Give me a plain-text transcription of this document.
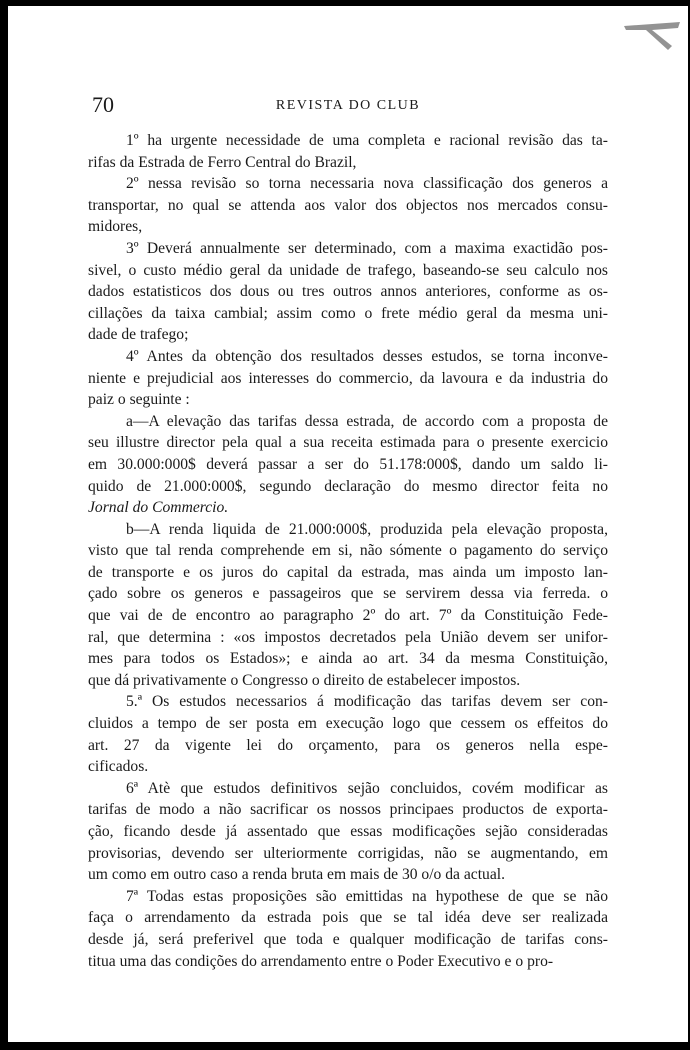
70	REVISTA DO CLUB
1º ha urgente necessidade de uma completa e racional revisão das ta-
rifas da Estrada de Ferro Central do Brazil,
2º nessa revisão so torna necessaria nova classificação dos generos a
transportar, no qual se attenda aos valor dos objectos nos mercados consu-
midores,
3º Deverá annualmente ser determinado, com a maxima exactidão pos-
sivel, o custo médio geral da unidade de trafego, baseando-se seu calculo nos
dados estatisticos dos dous ou tres outros annos anteriores, conforme as os-
cillações da taixa cambial; assim como o frete médio geral da mesma uni-
dade de trafego;
4º Antes da obtenção dos resultados desses estudos, se torna inconve-
niente e prejudicial aos interesses do commercio, da lavoura e da industria do
paiz o seguinte :
a—A elevação das tarifas dessa estrada, de accordo com a proposta de
seu illustre director pela qual a sua receita estimada para o presente exercicio
em 30.000:000$ deverá passar a ser do 51.178:000$, dando um saldo li-
quido de 21.000:000$, segundo declaração do mesmo director feita no
Jornal do Commercio.
b—A renda liquida de 21.000:000$, produzida pela elevação proposta,
visto que tal renda comprehende em si, não sómente o pagamento do serviço
de transporte e os juros do capital da estrada, mas ainda um imposto lan-
çado sobre os generos e passageiros que se servirem dessa via ferreda. o
que vai de de encontro ao paragrapho 2º do art. 7º da Constituição Fede-
ral, que determina : «os impostos decretados pela União devem ser unifor-
mes para todos os Estados»; e ainda ao art. 34 da mesma Constituição,
que dá privativamente o Congresso o direito de estabelecer impostos.
5.ª Os estudos necessarios á modificação das tarifas devem ser con-
cluidos a tempo de ser posta em execução logo que cessem os effeitos do
art. 27 da vigente lei do orçamento, para os generos nella espe-
cificados.
6ª Atè que estudos definitivos sejão concluidos, covém modificar as
tarifas de modo a não sacrificar os nossos principaes productos de exporta-
ção, ficando desde já assentado que essas modificações sejão consideradas
provisorias, devendo ser ulteriormente corrigidas, não se augmentando, em
um como em outro caso a renda bruta em mais de 30 o/o da actual.
7ª Todas estas proposições são emittidas na hypothese de que se não
faça o arrendamento da estrada pois que se tal idéa deve ser realizada
desde já, será preferivel que toda e qualquer modificação de tarifas cons-
titua uma das condições do arrendamento entre o Poder Executivo e o pro-
